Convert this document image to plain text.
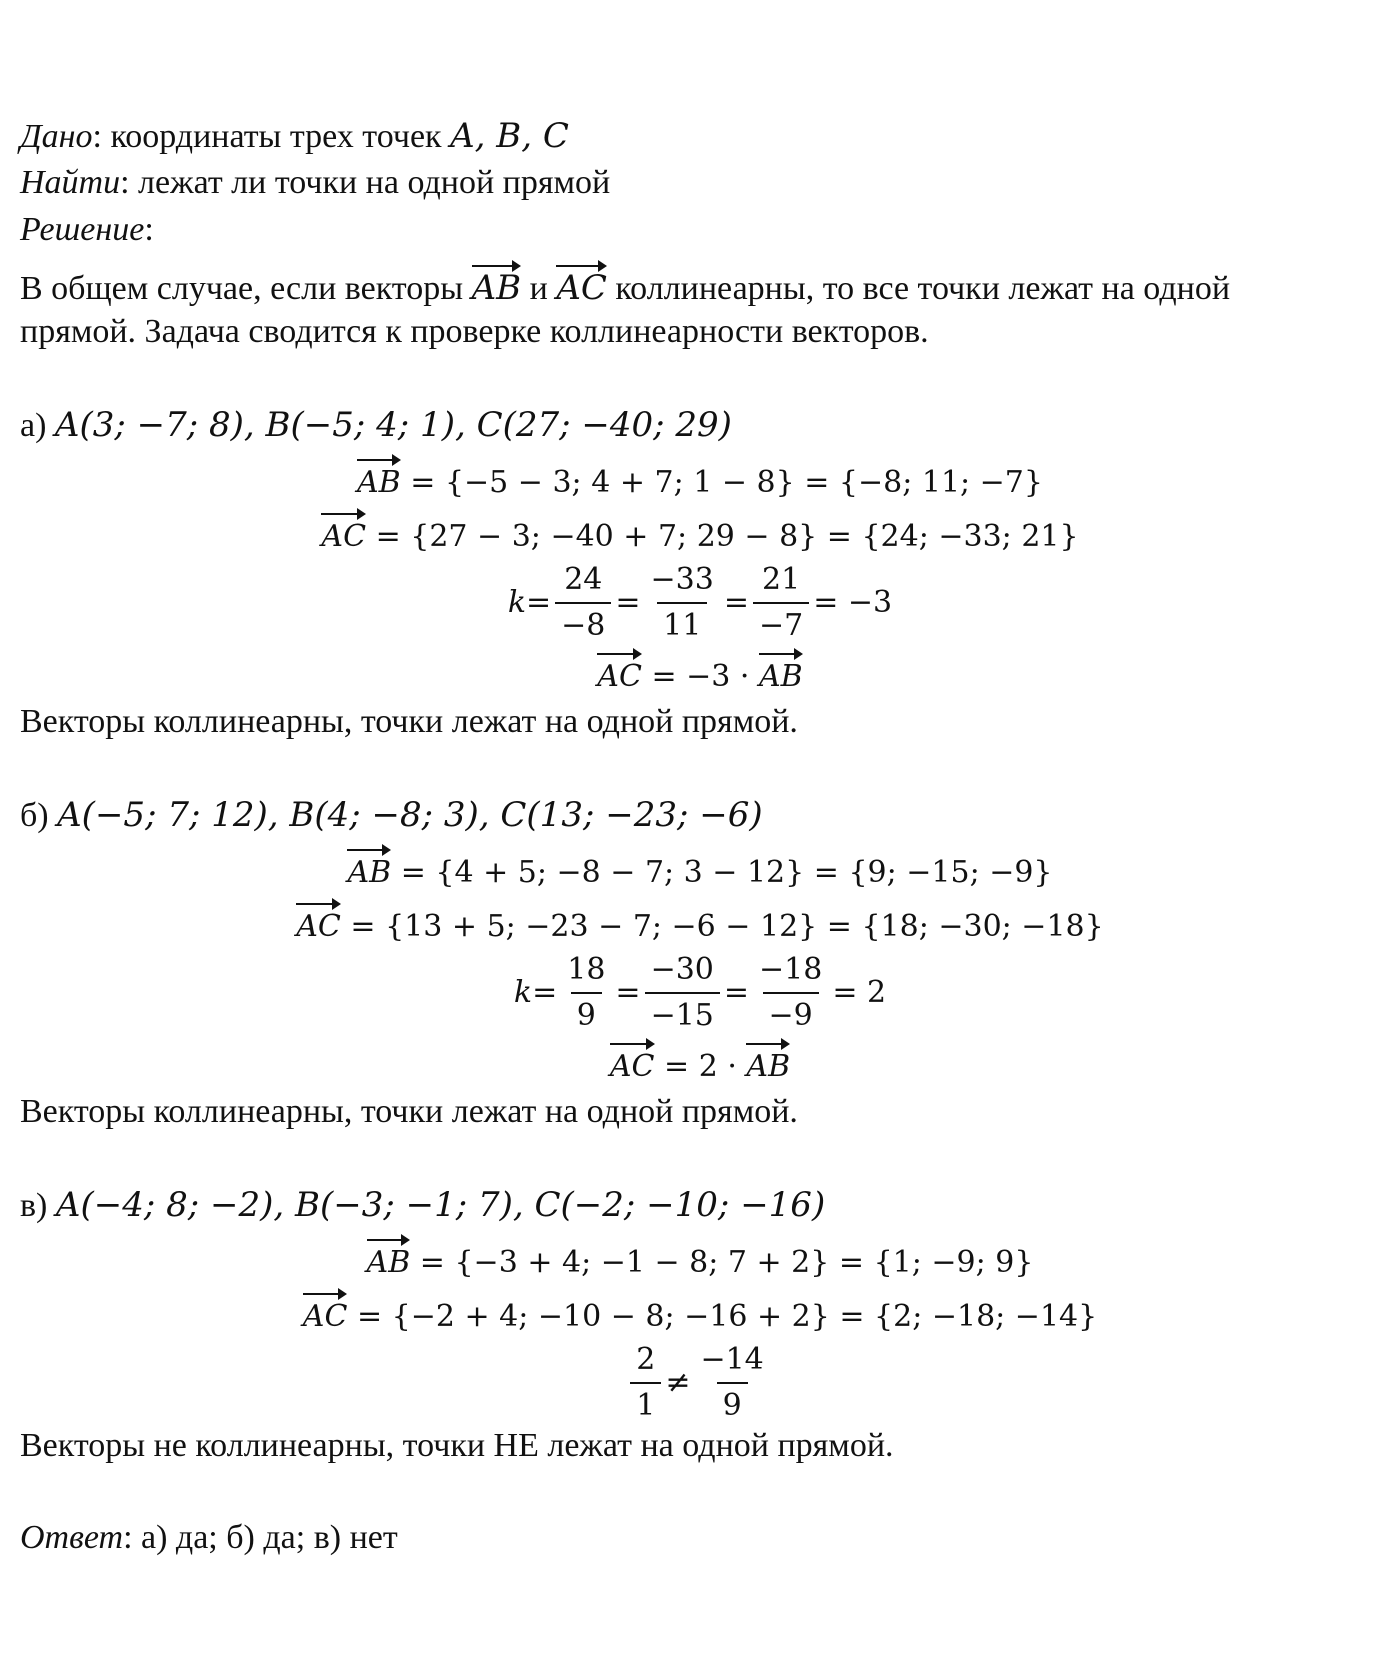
Дано: координаты трех точек A, B, C
Найти: лежат ли точки на одной прямой
Решение:
В общем случае, если векторы AB и AC коллинеарны, то все точки лежат на одной
прямой. Задача сводится к проверке коллинеарности векторов.
а) A(3; −7; 8), B(−5; 4; 1), C(27; −40; 29)
AB = {−5 − 3; 4 + 7; 1 − 8} = {−8; 11; −7}
AC = {27 − 3; −40 + 7; 29 − 8} = {24; −33; 21}
$k= \frac{24}{-8} = \frac{-33}{11} = \frac{21}{-7} = -3$
AC = −3 · AB
Векторы коллинеарны, точки лежат на одной прямой.
б) A(−5; 7; 12), B(4; −8; 3), C(13; −23; −6)
AB = {4 + 5; −8 − 7; 3 − 12} = {9; −15; −9}
AC = {13 + 5; −23 − 7; −6 − 12} = {18; −30; −18}
$k= \frac{18}{9} = \frac{-30}{-15} = \frac{-18}{-9} = 2$
AC = 2 · AB
Векторы коллинеарны, точки лежат на одной прямой.
в) A(−4; 8; −2), B(−3; −1; 7), C(−2; −10; −16)
AB = {−3 + 4; −1 − 8; 7 + 2} = {1; −9; 9}
AC = {−2 + 4; −10 − 8; −16 + 2} = {2; −18; −14}
$\frac{2}{1} \ne \frac{-14}{9}$
Векторы не коллинеарны, точки НЕ лежат на одной прямой.
Ответ: а) да; б) да; в) нет
